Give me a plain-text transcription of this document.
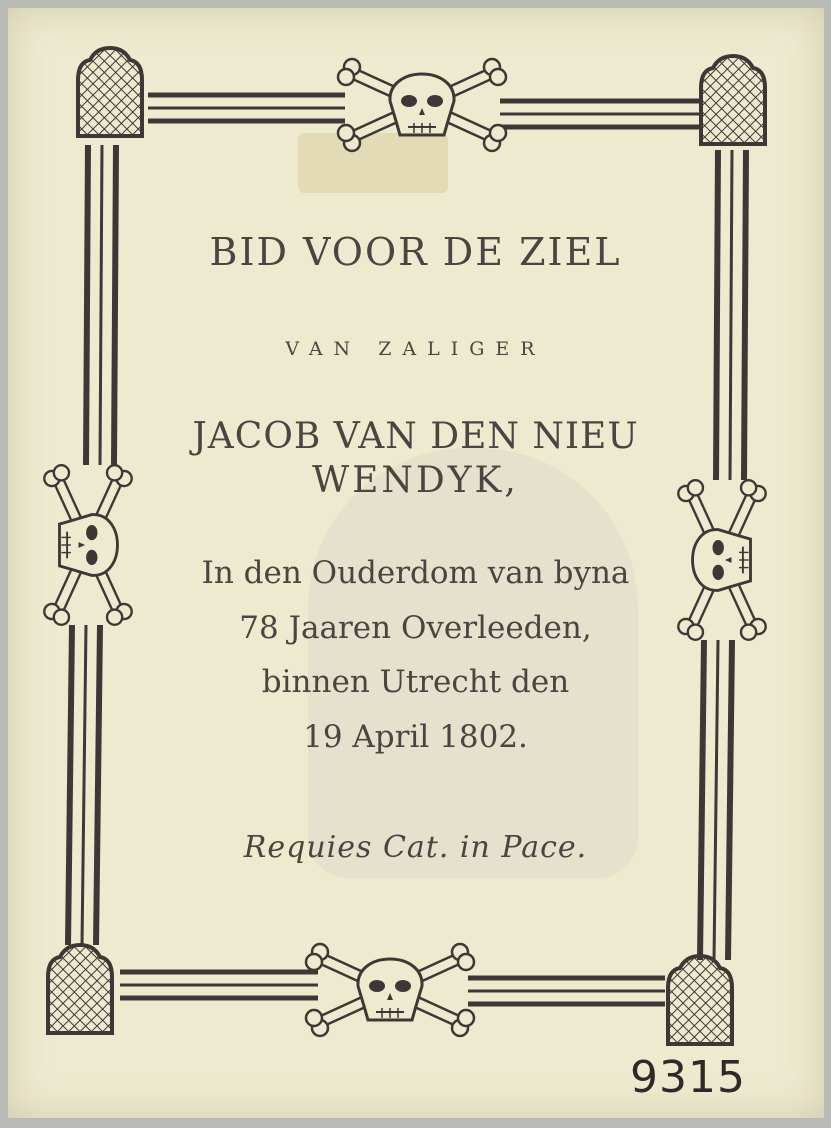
BID VOOR DE ZIEL
VAN ZALIGER
JACOB VAN DEN NIEU
WENDYK,
In den Ouderdom van byna
78 Jaaren Overleeden,
binnen Utrecht den
19 April 1802.
Requies Cat. in Pace.
9315
